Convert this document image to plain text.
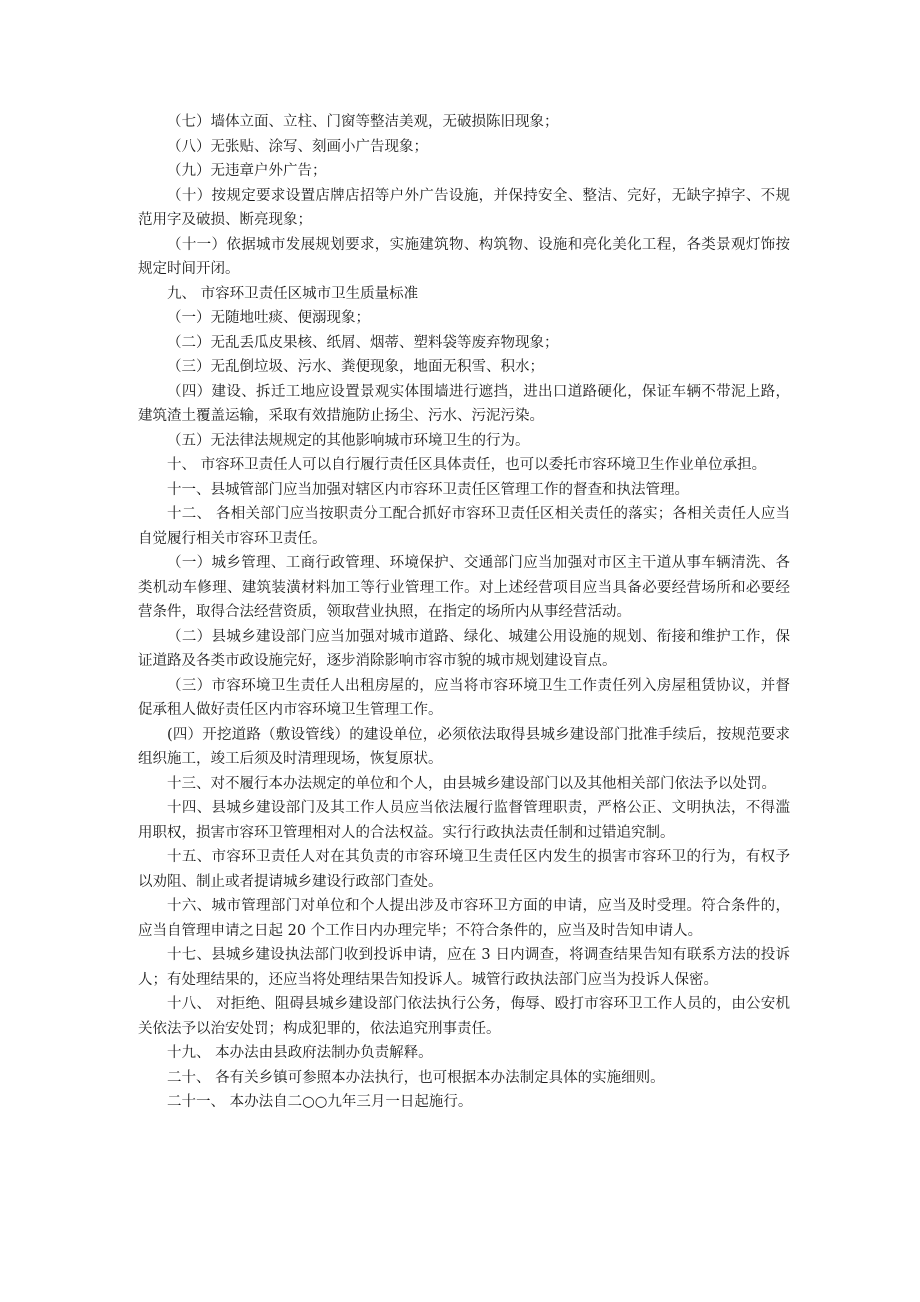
（七）墙体立面、立柱、门窗等整洁美观，无破损陈旧现象；

（八）无张贴、涂写、刻画小广告现象；

（九）无违章户外广告；

（十）按规定要求设置店牌店招等户外广告设施，并保持安全、整洁、完好，无缺字掉字、不规范用字及破损、断亮现象；

（十一）依据城市发展规划要求，实施建筑物、构筑物、设施和亮化美化工程，各类景观灯饰按规定时间开闭。

九、 市容环卫责任区城市卫生质量标准

（一）无随地吐痰、便溺现象；

（二）无乱丢瓜皮果核、纸屑、烟蒂、塑料袋等废弃物现象；

（三）无乱倒垃圾、污水、粪便现象，地面无积雪、积水；

（四）建设、拆迁工地应设置景观实体围墙进行遮挡，进出口道路硬化，保证车辆不带泥上路，建筑渣土覆盖运输，采取有效措施防止扬尘、污水、污泥污染。

（五）无法律法规规定的其他影响城市环境卫生的行为。

十、 市容环卫责任人可以自行履行责任区具体责任，也可以委托市容环境卫生作业单位承担。

十一、县城管部门应当加强对辖区内市容环卫责任区管理工作的督查和执法管理。

十二、 各相关部门应当按职责分工配合抓好市容环卫责任区相关责任的落实；各相关责任人应当自觉履行相关市容环卫责任。

（一）城乡管理、工商行政管理、环境保护、交通部门应当加强对市区主干道从事车辆清洗、各类机动车修理、建筑装潢材料加工等行业管理工作。对上述经营项目应当具备必要经营场所和必要经营条件，取得合法经营资质，领取营业执照，在指定的场所内从事经营活动。

（二）县城乡建设部门应当加强对城市道路、绿化、城建公用设施的规划、衔接和维护工作，保证道路及各类市政设施完好，逐步消除影响市容市貌的城市规划建设盲点。

（三）市容环境卫生责任人出租房屋的，应当将市容环境卫生工作责任列入房屋租赁协议，并督促承租人做好责任区内市容环境卫生管理工作。

(四）开挖道路（敷设管线）的建设单位，必须依法取得县城乡建设部门批准手续后，按规范要求组织施工，竣工后须及时清理现场，恢复原状。

十三、对不履行本办法规定的单位和个人，由县城乡建设部门以及其他相关部门依法予以处罚。

十四、县城乡建设部门及其工作人员应当依法履行监督管理职责，严格公正、文明执法，不得滥用职权，损害市容环卫管理相对人的合法权益。实行行政执法责任制和过错追究制。

十五、市容环卫责任人对在其负责的市容环境卫生责任区内发生的损害市容环卫的行为，有权予以劝阻、制止或者提请城乡建设行政部门查处。

十六、城市管理部门对单位和个人提出涉及市容环卫方面的申请，应当及时受理。符合条件的，应当自管理申请之日起 20 个工作日内办理完毕；不符合条件的，应当及时告知申请人。

十七、县城乡建设执法部门收到投诉申请，应在 3 日内调查，将调查结果告知有联系方法的投诉人；有处理结果的，还应当将处理结果告知投诉人。城管行政执法部门应当为投诉人保密。

十八、 对拒绝、阻碍县城乡建设部门依法执行公务，侮辱、殴打市容环卫工作人员的，由公安机关依法予以治安处罚；构成犯罪的，依法追究刑事责任。

十九、 本办法由县政府法制办负责解释。

二十、 各有关乡镇可参照本办法执行，也可根据本办法制定具体的实施细则。

二十一、 本办法自二○○九年三月一日起施行。
